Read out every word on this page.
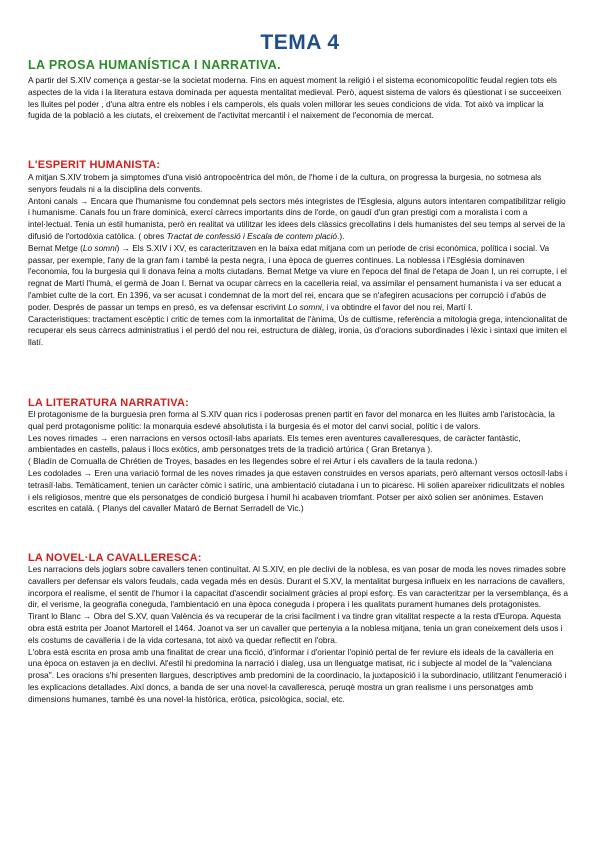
TEMA 4
LA PROSA HUMANÍSTICA I NARRATIVA.

A partir del S.XIV comença a gestar-se la societat moderna. Fins en aquest moment la religió i el sistema economicopolític feudal regien tots els aspectes de la vida i la literatura estava dominada per aquesta mentalitat medieval. Però, aquest sistema de valors és qüestionat i se succeeixen les lluites pel poder , d'una altra entre els nobles i els camperols, els quals volen millorar les seues condicions de vida. Tot això va implicar la fugida de la població a les ciutats, el creixement de l'activitat mercantil i el naixement de l'economia de mercat.

L'ESPERIT HUMANISTA:

A mitjan S.XIV trobem ja simptomes d'una visió antropocèntrica del món, de l'home i de la cultura, on progressa la burgesia, no sotmesa als senyors feudals ni a la disciplina dels convents.

Antoni canals → Encara que l'humanisme fou condemnat pels sectors més integristes de l'Esglesia, alguns autors intentaren compatibilitzar religio i humanisme. Canals fou un frare dominicà, exercí càrrecs importants dins de l'orde, on gaudí d'un gran prestigi com a moralista i com a intel·lectual. Tenia un estil humanista, però en realitat va utilitzar les idees dels clàssics grecollatins i dels humanistes del seu temps al servei de la difusió de l'ortodòxia catòlica. ( obres Tractat de confessió i Escala de contem plació.).

Bernat Metge (Lo somni) → Els S.XIV i XV, es caracteritzaven en la baixa edat mitjana com un periode de crisi econòmica, política i social. Va passar, per exemple, l'any de la gran fam i també la pesta negra, i una època de guerres continues. La noblessa i l'Església dominaven l'economia, fou la burgesia qui li donava feina a molts ciutadans. Bernat Metge va viure en l'epoca del final de l'etapa de Joan I, un rei corrupte, i el regnat de Martí l'humà, el germà de Joan I. Bernat va ocupar càrrecs en la cacelleria reial, va assimilar el pensament humanista i va ser educat a l'ambiet culte de la cort. En 1396, va ser acusat i condemnat de la mort del rei, encara que se n'afegiren acusacions per corrupció i d'abús de poder. Després de passar un temps en presó, es va defensar escrivint Lo somni, i va obtindre el favor del nou rei, Martí I.

Caracteristiques: tractament escèptic i critic de temes com la inmortalitat de l'ànima, Ús de cultisme, referència a mitologia grega, intencionalitat de recuperar els seus càrrecs administratius i el perdó del nou rei, estructura de diàleg, ironia, ús d'oracions subordinades i lèxic i sintaxi que imiten el llatí.

LA LITERATURA NARRATIVA:

El protagonisme de la burguesia pren forma al S.XIV quan rics i poderosas prenen partit en favor del monarca en les lluites amb l'aristocàcia, la qual perd protagonisme polític: la monarquia esdevé absolutista i la burgesia és el motor del canvi social, polític i de valors.

Les noves rimades → eren narracions en versos octosíl·labs apariats. Els temes eren aventures cavalleresques, de caràcter fantàstic, ambientades en castells, palaus i llocs exòtics, amb personatges trets de la tradició artúrica ( Gran Bretanya ).

( Bladín de Cornualla de Chrétien de Troyes, basades en les llegendes sobre el rei Artur i els cavallers de la taula redona.)

Les codolades → Eren una variació formal de les noves rimades ja que estaven construides en versos apariats, però alternant versos octosíl·labs i tetrasíl·labs. Temàticament, tenien un caràcter còmic i satíric, una ambientació ciutadana i un to picaresc. Hi solien apareixer ridiculitzats el nobles i els religiosos, mentre que els personatges de condició burgesa i humil hi acabaven triomfant. Potser per això solien ser anònimes. Estaven escrites en català. ( Planys del cavaller Mataró de Bernat Serradell de Vic.)

LA NOVEL·LA CAVALLERESCA:

Les narracions dels joglars sobre cavallers tenen continuïtat. Al S.XIV, en ple declivi de la noblesa, es van posar de moda les noves rimades sobre cavallers per defensar els valors feudals, cada vegada més en desús. Durant el S.XV, la mentalitat burgesa influeix en les narracions de cavallers, incorpora el realisme, el sentit de l'humor i la capacitat d'ascendir socialment gràcies al propi esforç. Es van caracteritzar per la versemblança, és a dir, el verisme, la geografia coneguda, l'ambientació en una època coneguda i propera i les qualitats purament humanes dels protagonistes.

Tirant lo Blanc → Obra del S.XV, quan València és va recuperar de la crisi facilment i va tindre gran vitalitat respecte a la resta d'Europa. Aquesta obra està estrita per Joanot Martorell el 1464. Joanot va ser un cavaller que pertenyia a la noblesa mitjana, tenia un gran coneixement dels usos i els costums de cavalleria i de la vida cortesana, tot això va quedar reflectit en l'obra.

L'obra està escrita en prosa amb una finalitat de crear una ficció, d'informar i d'orientar l'opinió pertal de fer reviure els ideals de la cavalleria en una època on estaven ja en declivi. Al'estil hi predomina la narració i dialeg, usa un llenguatge matisat, ric i subjecte al model de la "valenciana prosa". Les oracions s'hi presenten llargues, descriptives amb predomini de la coordinacio, la juxtaposició i la subordinacio, utilitzant l'enumeració i les explicacions detallades. Així doncs, a banda de ser una novel·la cavalleresca, peruqè mostra un gran realisme i uns personatges amb dimensions humanes, també ès una novel·la històrica, eròtica, psicològica, social, etc.
